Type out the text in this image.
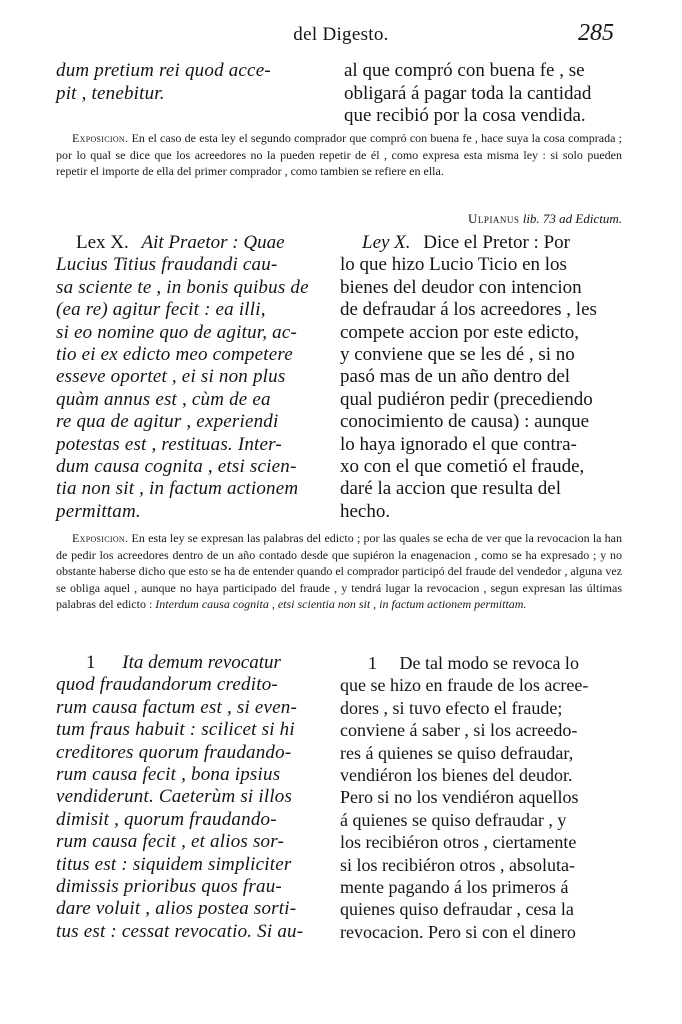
del Digesto.	285
dum pretium rei quod acce-
pit , tenebitur.
al que compró con buena fe , se
obligará á pagar toda la cantidad
que recibió por la cosa vendida.
Exposicion. En el caso de esta ley el segundo comprador que compró con buena fe , hace suya la cosa comprada ; por lo qual se dice que los acreedores no la pueden repetir de él , como expresa esta misma ley : si solo pueden repetir el importe de ella del primer comprador , como tambien se refiere en ella.
Ulpianus lib. 73 ad Edictum.
Lex X. Ait Praetor : Quae
Lucius Titius fraudandi cau-
sa sciente te , in bonis quibus de
(ea re) agitur fecit : ea illi,
si eo nomine quo de agitur, ac-
tio ei ex edicto meo competere
esseve oportet , ei si non plus
quàm annus est , cùm de ea
re qua de agitur , experiendi
potestas est , restituas. Inter-
dum causa cognita , etsi scien-
tia non sit , in factum actionem
permittam.
Ley X. Dice el Pretor : Por
lo que hizo Lucio Ticio en los
bienes del deudor con intencion
de defraudar á los acreedores , les
compete accion por este edicto,
y conviene que se les dé , si no
pasó mas de un año dentro del
qual pudiéron pedir (precediendo
conocimiento de causa) : aunque
lo haya ignorado el que contra-
xo con el que cometió el fraude,
daré la accion que resulta del
hecho.
Exposicion. En esta ley se expresan las palabras del edicto ; por las quales se echa de ver que la revocacion la han de pedir los acreedores dentro de un año contado desde que supiéron la enagenacion , como se ha expresado ; y no obstante haberse dicho que esto se ha de entender quando el comprador participó del fraude del vendedor , alguna vez se obliga aquel , aunque no haya participado del fraude , y tendrá lugar la revocacion , segun expresan las últimas palabras del edicto : Interdum causa cognita , etsi scientia non sit , in factum actionem permittam.
1 Ita demum revocatur
quod fraudandorum credito-
rum causa factum est , si even-
tum fraus habuit : scilicet si hi
creditores quorum fraudando-
rum causa fecit , bona ipsius
vendiderunt. Caeterùm si illos
dimisit , quorum fraudando-
rum causa fecit , et alios sor-
titus est : siquidem simpliciter
dimissis prioribus quos frau-
dare voluit , alios postea sorti-
tus est : cessat revocatio. Si au-
1 De tal modo se revoca lo
que se hizo en fraude de los acree-
dores , si tuvo efecto el fraude;
conviene á saber , si los acreedo-
res á quienes se quiso defraudar,
vendiéron los bienes del deudor.
Pero si no los vendiéron aquellos
á quienes se quiso defraudar , y
los recibiéron otros , ciertamente
si los recibiéron otros , absoluta-
mente pagando á los primeros á
quienes quiso defraudar , cesa la
revocacion. Pero si con el dinero
